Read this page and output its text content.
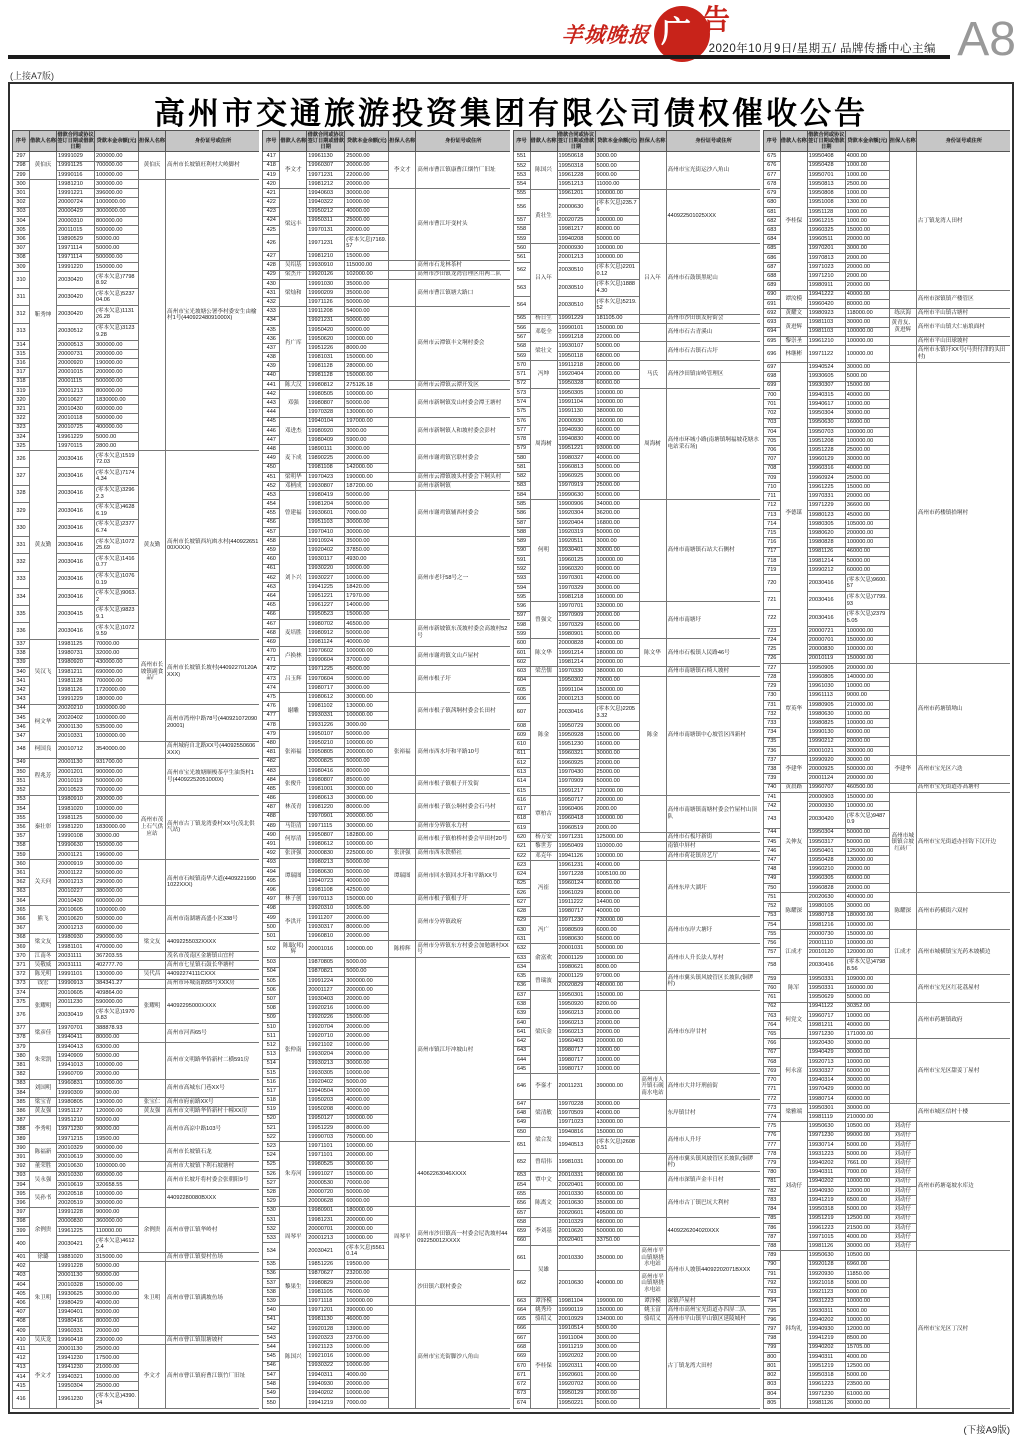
羊城晚报 广 告
2020年10月9日/星期五/ 品牌传播中心主编 A8
(上接A7版)
高州市交通旅游投资集团有限公司债权催收公告
序号	借款人名称	借款合同或协议签订日期或借款日期	贷款本金余额(元)	担保人名称	身份证号或住所
297	黄伯庆	19991029	200000.00	黄伯庆	高州市长坡镇旺利村大岭脚村
298		19991125	700000.00		
299		19990116	100000.00		
300	靳秀坤	19981210	300000.00		高州市宝光坡塘公署李村委安生由榆村1号(44092248091000X)
301		19991221	396000.00		
302		20000724	1000000.00		
303		20000429	3000000.00		
304		20000310	800000.00		
305		20011015	500000.00		
306		19890529	50000.00		
307		19971114	50000.00		
308		19971114	500000.00		
309		19991220	150000.00		
310		20030420	(零本欠息)77988.92		
311		20030420	(零本欠息)523704.06		
312		20030420	(零本欠息)113126.28		
313		20030512	(零本欠息)31239.28		
314		20000513	300000.00		
315		20000731	200000.00		
316		20000920	190000.00		
317		20001015	200000.00		
318		20001115	500000.00		
319		20001213	800000.00		
320		20010627	1830000.00		
321		20010430	600000.00		
322		20010118	500000.00		
323		20010725	400000.00		
324		19961229	5000.00		
325		19970115	2800.00		
326	黄友勤	20030416	(零本欠息)151972.03	黄友勤	高州市长坡镇西坑凼水村(44092265100XXXX)
327		20030416	(零本欠息)71744.34		
328		20030416	(零本欠息)32962.3		
329		20030416	(零本欠息)46286.19		
330		20030416	(零本欠息)23776.74		
331		20030416	(零本欠息)107225.69		
332		20030416	(零本欠息)14160.77		
333		20030416	(零本欠息)10760.19		
334		20030416	(零本欠息)9063.2		
335		20030415	(零本欠息)98239.1		
336		20030416	(零本欠息)10729.59		
337	吴汉飞	19981125	70000.00	高州市长坡镇副食品厂	高州市长坡镇长坡村(44092270120AXXX)
338		19980731	32000.00		
339		19980920	430000.00		
340		19981211	690000.00		
341		19981128	700000.00		
342		19981126	1720000.00		
343		19991229	180000.00		
344	柯文华	20020210	1000000.00		高州市湾州中路78号(44092107209020001)
345		20020402	1000000.00		
346		20001130	535000.00		
347		20010331	1000000.00		
348	柯国良	20010712	3540000.00		高州城府自北路XX号(44092550606XXX)
349	程兆芳	20001130	931700.00		高州市宝光坡塘顺梭茶亭生油货村1号(44092252051000X)
350		20001201	900000.00		
351		20010119	500000.00		
352		20010523	700000.00		
353	秦壮彰	19980910	200000.00	高州市茂上石气供应站	高州市古丁镇龙湾委村XX号(茂北供气站)
354		19981020	100000.00		
355		19981125	500000.00		
356		19981220	1830000.00		
357		19990108	30000.00		
358		19990630	150000.00		
359		20001121	196000.00		
360	关天问	20000919	300000.00		高州市石岐镇南华大道(44092219901022XXX)
361		20001122	500000.00		
362		20001213	290000.00		
363		20010227	380000.00		
364		20010430	600000.00		
365	熊飞	20010605	1000000.00		高州市南湖塘高盛小区338号
366		20010620	500000.00		
367		20001213	600000.00		
368	梁文友	19980930	290000.00	梁文友	44092255032XXXX
369		19981101	470000.00		
370	江南冬	20031111	367203.55		茂名市茂南区金塘镇山宜村
371	吴敬威	20031111	402777.70		高州市七星镇石鼓长华塘村
372	陈光明	19991101	130000.00	吴代昌	44092274111CXXX
373	钱宏	19990913	384341.27		高州市环城南路55号XXX房
374	张耀明	20010605	409864.00	张耀明	44092295000XXXX
375		20011230	590000.00		
376		20030419	(零本欠息)19709.83		
377	梁彦佳	19970701	388878.93		高州市河西65号
378		19940411	80000.00		
379	朱荣凯	19940413	63000.00		高州市文明路华侨新村二横591房
380		19940909	50000.00		
381		19941013	100000.00		
382		19960709	20000.00		
383	刘国明	19960831	100000.00		高州市高城东门巷XX号
384		19990309	90000.00		
385	梁宝青	19980805	190000.00	张宝仁	高州市府前路XX号
386	黄友强	19951127	120000.00	黄友强	高州市文明路华侨新村十幢XX房
387	李秀明	19951210	50000.00		高州市高凉中路103号
388		19971230	90000.00		
389		19971215	19500.00		
390	陈福新	20010329	900000.00		高州市长坡镇石龙
391		20010619	300000.00		
392	董荣胜	20010630	1000000.00		高州市大坡镇下利石坡塘村
393	吴永强	20010330	600000.00		高州市长坡圩将村委会张朝阳9号
394		20010619	320658.55		
395	吴孙书	20020518	100000.00		44092280080BXXX
396		20020519	300000.00		
397	余例贵	19991228	90000.00	余例贵	高州市曹江镇华岭村
398		20000830	360000.00		
399		19961225	110000.00		
400		20030421	(零本欠息)46122.4		
401	徐璐	19881020	315000.00		高州市曹江镇要村鱼场
402	朱卫明	19991228	50000.00	朱卫明	高州市曹江镇满坡鱼场
403		20001130	50000.00		
404		20010328	150000.00		
405		19930625	30000.00		
406		19980429	40000.00		
407		19940401	50000.00		
408		19980416	80000.00		
409		19960331	20000.00		
410	吴庆龙	19960418	230000.00		高州市曹江镇银塘坡村
411	李文才	20001130	25000.00	李文才	高州市曹江镇府曹江镇竹厂旧址
412		19941230	17500.00		
413		19941230	21000.00		
414		19940321	10000.00		
415		19950304	25000.00		
416		19961230	(零本欠息)4390.34		
序号	借款人名称	借款合同或协议签订日期或借款日期	贷款本金余额(元)	担保人名称	身份证号或住所
417	李文才	19961130	25000.00	李文才	高州市曹江镇康曹江烟竹厂旧址
418		19960307	20000.00		
419		19971231	22000.00		
420		19981212	20000.00		
421	梁远丰	19940603	30000.00		高州市曹江圩变村头
422		19940322	10000.00		
423		19950212	40000.00		
424		19950311	25000.00		
425		19970131	20000.00		
426		19971231	(零本欠息)7169.57		
427		19981210	15000.00		
428	吴绍基	19930910	115000.00		高州市石龙林茶村
429	梁杰开	19920126	102000.00		高州市沙田镇龙湾管理区用两二队
430	梁灿和	19991030	35000.00		高州市曹江镇塘大路口
431		19990209	35000.00		
432		19971126	50000.00		
433	肖广库	19911208	54000.00		高州市云潭镇丰文垌村委会
434		19921231	50000.00		
435		19950420	50000.00		
436		19950620	100000.00		
437		19951226	8000.00		
438		19981031	150000.00		
439		19981128	280000.00		
440		19981128	150000.00		
441	陈大汉	19980812	275126.18		高州市云潭镇云潭开发区
442	邓强	19980505	100000.00		高州市新垌镇发山村委会潭王塘村
443		19980807	50000.00		
444		19970328	130000.00		
445	邓进杰	19940104	197000.00		高州市新垌镇人和坡村委会彭村
446		19980920	3000.00		
447		19980409	5900.00		
448	麦下成	19890111	30000.00		高州市谢鸡镇官联村委会
449		19890225	20000.00		
450		19981108	142000.00		
451	梁明华	19970423	190000.00		高州市云潭镇坡头村委会下垌头村
452	邓柄成	19930807	187200.00		高州市新垌镇
453	曾建福	19980419	50000.00		高州市谢鸡镇辅西村委会
454		19981204	50000.00		
455		19930601	7000.00		
456		19951103	30000.00		
457		19970410	30000.00		
458	刘卜兴	19910924	35000.00		高州市老圩58号之一
459		19920402	37850.00		
460		19930117	4930.00		
461		19930220	10000.00		
462		19930227	10000.00		
463		19941225	18420.00		
464		19951221	17970.00		
465		19961227	14000.00		
466		19950523	15000.00		
467	麦培胜	19980702	46500.00		高州市新坡镇东茂坡村委会高坡村52号
468		19980912	50000.00		
469		19981124	40000.00		
470	卢换林	19970602	100000.00		高州市谢鸡镇文山卢屋村
471		19990604	37000.00		
472	吕玉辉	19971225	45000.00		高州市根子圩
473		19970604	50000.00		
474		19980717	30000.00		
475	谢雕	19980612	300000.00		高州市根子镇茜垌村委会长田村
476		19981102	130000.00		
477		19930331	100000.00		
478		19931226	3000.00		
479	张裕福	19950107	50000.00	张裕福	高州市西水圩和平路10号
480		19950210	100000.00		
481		19950805	200000.00		
482		20000825	50000.00		
483		19980416	80000.00		
484	张俊升	19980807	85000.00		高州市根子镇根子开发街
485		19981001	300000.00		
486	林茂青	19980613	300000.00		高州市根子镇公垌村委会石马村
487		19981220	80000.00		
488		19970901	200000.00		
489	马钜清	19971115	300000.00		高州市分界镇永力村
490	何厚清	19950807	182800.00		高州市根子镇柏桥村委会早田村20号
491		19980612	100000.00		
492	张济强	20000830	225000.00	张济强	高州市西永铁桥社
493	谭瑞图	19980213	50000.00	谭瑞图	高州市回水镇回水圩和平路XX号
494		19980630	50000.00		
495		19940723	40000.00		
496		19981108	42500.00		
497	林子创	19970113	150000.00		高州市根子镇根子圩
498	李洪开	19920310	10005.00		高州市分界镇政府
499		19911207	20000.00		
500		19930317	80000.00		
501		19960810	20000.00		
502	陈聪(邦)辉	20001016	100000.00	陈桥辉	高州市分界镇东方村委会加勉塘村XX号
503	张仲南	19870805	5000.00		高州市镇江圩冲坡山村
504		19870821	5000.00		
505		19991224	300000.00		
506		20001127	200000.00		
507		19930403	20000.00		
508		19920216	10000.00		
509		19920226	15000.00		
510		19920704	20000.00		
511		19920710	20000.00		
512		19921102	10000.00		
513		19930204	20000.00		
514		19930213	30000.00		
515		19930305	10000.00		
516		19920402	5000.00		
517		19940504	30000.00		
518		19950203	40000.00		
519		19950208	40000.00		
520		19950127	100000.00		
521		19951229	80000.00		
522		19990703	750000.00		
523	朱寿河	19971101	100000.00		44062263046XXXX
524		19971101	200000.00		
525		19980525	300000.00		
526		19991027	150000.00		
527		20000530	70000.00		
528		20000720	50000.00		
529		20000628	60000.00		
530	周琴平	19980901	180000.00	周琴平	高州市沙田镇高一村委会尼冼坡村44092250012XXXX
531		19981231	200000.00		
532		20000701	200000.00		
533		20001213	100000.00		
534		20030421	(零本欠息)55610.14		
535		19851226	19500.00		
536	黎果生	19870627	23200.00		沙田镇六联村委会
537		19980829	25000.00		
538		19981105	76000.00		
539		19971118	100000.00		
540	陈国兴	19971201	390000.00		高州市宝光街脚沙八角山
541		19981130	46000.00		
542		19920128	13900.00		
543		19920323	23700.00		
544		19921123	10000.00		
545		19921016	10000.00		
546		19930322	10000.00		
547		19940311	4000.00		
548		19940930	20000.00		
549		19940202	10000.00		
550		19941219	7000.00		
序号	借款人名称	借款合同或协议签订日期或借款日期	贷款本金余额(元)	担保人名称	身份证号或住所
551	陈国兴	19950618	3000.00		高州市宝光街运沙八角山
552		19950318	5000.00		
553		19961228	9000.00		
554		19951213	11000.00		
555	黄壮生	19961201	100000.00		440922501025XXX
556		20000630	(零本欠息)235.76		
557		20020725	100000.00		
558		19981217	80000.00		
559		19940208	50000.00		
560	吕入年	20000930	100000.00	吕入年	高州市石鼓镇黑坭山
561		20001213	100000.00		
562		20030510	(零本欠息)22010.12		
563		20030510	(零本欠息)18884.30		
564		20030510	(零本欠息)5219.52		
565	杨日生	19991229	181105.00		高州市沙田镇友府街会
566	邓乾全	19990101	150000.00		高州市石古青溪山
567		19991218	22000.00		
568	梁壮文	19930107	50000.00		高州市石古镇石古圩
569		19950118	68000.00		
570	冯坤	19911218	28000.00	马氏	高州沙田镇宙岭管理区
571		19920404	20000.00		
572		19950328	60000.00		
573	周海树	19950305	100000.00	周海树	高州市环城小路(南塘镇垌福坡花塘水电站采石场)
574		19991104	100000.00		
575		19991130	380000.00		
576		20000930	160000.00		
577		19940930	60000.00		
578		19940830	40000.00		
579		19951221	93000.00		
580		19980327	40000.00		
581		19960813	50000.00		
582		19960925	30000.00		
583		19970919	25000.00		
584		19990630	50000.00		
585	何明	19900906	34000.00		高州市南塘镇石站大石侧村
586		19920304	36200.00		
587		19920404	16800.00		
588		19920319	50000.00		
589		19920511	3000.00		
590		19930401	30000.00		
591		19960125	100000.00		
592		19960320	90000.00		
593		19970301	42000.00		
594		19970329	30000.00		
595		19981218	160000.00		
596	曾强文	19970701	330000.00		高州市南塘圩
597		19970909	20000.00		
598		19970329	65000.00		
599		19980901	50000.00		
600	陈文华	20000828	400000.00	陈文华	高州市石板镇人民路46号
601		19991214	180000.00		
602		19981214	200000.00		
603	梁岳儒	19970330	380000.00		高州市南塘镇石椅人坡村
604	陈金	19950302	70000.00	陈金	高州市南塘镇中心坡管区四新村
605		19991104	150000.00		
606		20001213	50000.00		
607		20030416	(零本欠息)22053.32		
608		19950729	30000.00		
609		19950928	15000.00		
610		19951230	16000.00		
611		19960321	30000.00		
612		19960925	20000.00		
613		19970430	25000.00		
614		19970909	50000.00		
615		19991217	120000.00		
616	覃柏古	19950717	200000.00		高州市南塘镇南塘村委会竹屋村山顶队
617		19960406	2000.00		
618		19960418	100000.00		
619		19960519	2000.00		
620	杨万安	19971231	125000.00		高州市石板圩新街
621	黎世芳	19950409	110000.00		南镇中屏村
622	邓克年	19941126	100000.00		高州市荷花镇房艺厅
623	冯崔	19961231	40000.00		高州东岸大湖圩
624		19971228	1005100.00		
625		19960124	60000.00		
626		19961029	80000.00		
627		19911222	14400.00		
628		19980717	40000.00		
629	冯广	19971230	730000.00		高州市东岸大塘圩
630		19980509	6000.00		
631		19980630	56000.00		
632	俞富欢	20001031	500000.00		高州市人升长法人厚村
633		20001129	100000.00		
634		19980621	8000.00		
635	曾瑞波	20001129	97000.00		高州市翼头镇风坡管区长坡队(铜锣村)
636		20020829	480000.00		
637	梁庆金	19950301	150000.00		高州市东岸甘村
638		19950920	8200.00		
639		19960213	20000.00		
640		19960213	20000.00		
641		19960213	20000.00		
642		19960403	200000.00		
643		19980717	10000.00		
644		19980717	10000.00		
645		19980717	10000.00		
646	李銮才	20011231	390000.00	高州市人升镇石砚南水电站	高州市大井圩刑前街
647	梁清敏	19970228	30000.00		东岸镇甘村
648		19970509	40000.00		
649		19971023	130000.00		
650	梁合发	19940816	150000.00		高州市人升圩
651		19940513	(零本欠息)26080.51		
652	曾绍伟	19981031	100000.00		高州市翼头镇风坡管区长坡队(铜锣村)
653	覃中文	20010331	980000.00		高州市深镇声金丰日村
654		20020401	900000.00		
655	陈离文	20010330	650000.00		高州市古丁镇巴坑大利村
656		20010630	350000.00		
657		20020601	495000.00		
658	李刘基	20010329	680000.00		4409226204020XXX
659		20010620	500000.00		
660		20020401	33750.00		
661	吴雄	20010330	350000.00	高州市平山镇塘挠水电站	高州市人坡镇44092202071BXXX
662		20010630	400000.00	高州市平山镇塘挠水电站	
663	谭泽模	19981104	199000.00	谭泽模	深镇芦屋村
664	姚秀玲	19990119	150000.00	姚玉富	高州市高州宝光街道办四屏二队
665	骆绍义	20010929	134000.00	骆绍义	高州市平山镇平山镇区延陵城村
666	李桂保	19910514	5000.00		古丁镇龙湾大田村
667		19911004	3000.00		
668		19911219	3000.00		
669		19920202	2000.00		
670		19920311	4000.00		
671		19920601	2000.00		
672		19920702	3000.00		
673		19950129	2000.00		
674		19950221	5000.00		
序号	借款人名称	借款合同或协议签订日期或借款日期	贷款本金余额(元)	担保人名称	身份证号或住所
675	李桂保	19950408	4000.00		古丁镇龙湾人田村
676		19950428	1000.00		
677		19950701	1000.00		
678		19950813	2500.00		
679		19950808	1000.00		
680		19951008	1300.00		
681		19951128	1000.00		
682		19961215	1000.00		
683		19960325	15000.00		
684		19960511	20000.00		
685		19970201	3000.00		
686		19970813	2000.00		
687		19971023	20000.00		
688		19971210	2000.00		
689		19980911	20000.00		
690	谭汝模	19941222	40000.00		高州市深镇镇产楼管区
691		19960420	80000.00		
692	黄耀文	19980923	118000.00	练庆海	高州市平山镇古塘村
693	黄进辉	19981103	30000.00	黄青友、黄进辉	高州市平山镇大仁庙埌面村
694		19981103	100000.00		
695	黎崇圣	19961210	100000.00		高州市平山田球坡村
696	林继彬	19971122	100000.00		高州市永镇圩XX号(马贵付津的头田村)
697	李德谋	19940524	30000.00		高州市药楼镇拾垌村
698		19930605	5000.00		
699		19930307	15000.00		
700		19940315	40000.00		
701		19940617	10000.00		
702		19950304	30000.00		
703		19950630	16000.00		
704		19950703	100000.00		
705		19951208	100000.00		
706		19951228	25000.00		
707		19960129	30000.00		
708		19960316	40000.00		
709		19960924	25000.00		
710		19961225	15000.00		
711		19970331	20000.00		
712		19971229	36600.00		
713		19980123	45000.00		
714		19980305	105000.00		
715		19980620	200000.00		
716		19980828	100000.00		
717		19981126	46000.00		
718		19981214	50000.00		
719		19990212	60000.00		
720		20030416	(零本欠息)9600.57		
721		20030416	(零本欠息)7799.93		
722		20030416	(零本欠息)23795.05		
723		20000721	100000.00		
724		20000701	150000.00		
725		20000830	100000.00		
726		20010119	150000.00		
727	覃英华	19950905	200000.00		高州市药塘镇坳山
728		19960805	140000.00		
729		19961030	10000.00		
730		19961113	9000.00		
731		19980905	210000.00		
732		19980630	10000.00		
733		19980825	100000.00		
734		19990130	60000.00		
735		19990212	20000.00		
736		20001021	300000.00		
737	李建华	19990920	30000.00	李建华	高州市宝光区六迭
738		20000925	500000.00		
739		20001124	200000.00		
740	黄晨路	19960707	460500.00		高州市宝光街道办高塘村
741	关伸友	20000903	150000.00	高州市城镇镇合坡红砖厂	高州市宝光街道办挂钩下汉开边
742		20000930	100000.00		
743		20030420	(零本欠息)94870.9		
744		19950304	50000.00		
745		19950317	50000.00		
746		19950401	125000.00		
747		19950428	130000.00		
748		19960210	20000.00		
749		19960305	60000.00		
750		19960828	20000.00		
751	陈耀深	20020630	400000.00	陈耀深	高州市药横街六双村
752		19980105	30000.00		
753		19980718	180000.00		
754		19981216	100000.00		
755	江成才	20000730	150000.00	江成才	高州市城横镇宝光药木坡横边
756		20001110	100000.00		
757		20010120	120000.00		
758		20030416	(零本欠息)47988.56		
759	陈军	19950331	109000.00		高州市宝光区红花荔屋村
760		19950331	160000.00		
761		19950629	50000.00		
762	何党文	19941122	30352.00		高州市药塘镇政府
763		19960717	10000.00		
764		19981211	40000.00		
765		19971230	171000.00		
766	何永富	19920430	30000.00		高州市宝光区甜姜丁屋村
767		19940429	30000.00		
768		19920713	10000.00		
769		19930327	60000.00		
770		19940314	30000.00		
771		19970429	90000.00		
772		19980714	60000.00		
773	梁雅端	19950301	30000.00		高州市城区信村十楼
774		19981119	210000.00		
775	刘动仔	19950630	10500.00	刘动仔	高州市药塘毫坡水库边
776		19971230	99000.00	刘动仔	
777		19930714	5000.00	刘动仔	
778		19931223	5000.00	刘动仔	
779		19940202	7661.00	刘动仔	
780		19940311	7000.00	刘动仔	
781		19940202	10000.00	刘动仔	
782		19940930	12000.00	刘动仔	
783		19941219	6500.00	刘动仔	
784		19950318	5000.00	刘动仔	
785		19951219	12500.00	刘动仔	
786		19961223	21500.00	刘动仔	
787		19971015	4000.00	刘动仔	
788		19981126	30000.00	刘动仔	
789	韩均礼	19950630	10500.00		高州市宝光区丁汉村
790		19920128	6960.00		
791		19920930	11850.00		
792		19921018	5000.00		
793		19921123	5000.00		
794		19931223	10000.00		
795		19930311	5000.00		
796		19940202	10000.00		
797		19940930	12000.00		
798		19941219	8500.00		
799		19940202	15705.00		
800		19940311	4000.00		
801		19951219	12500.00		
802		19950318	5000.00		
803		19961223	23500.00		
804		19971230	61000.00		
805		19981126	30000.00		
(下接A9版)
